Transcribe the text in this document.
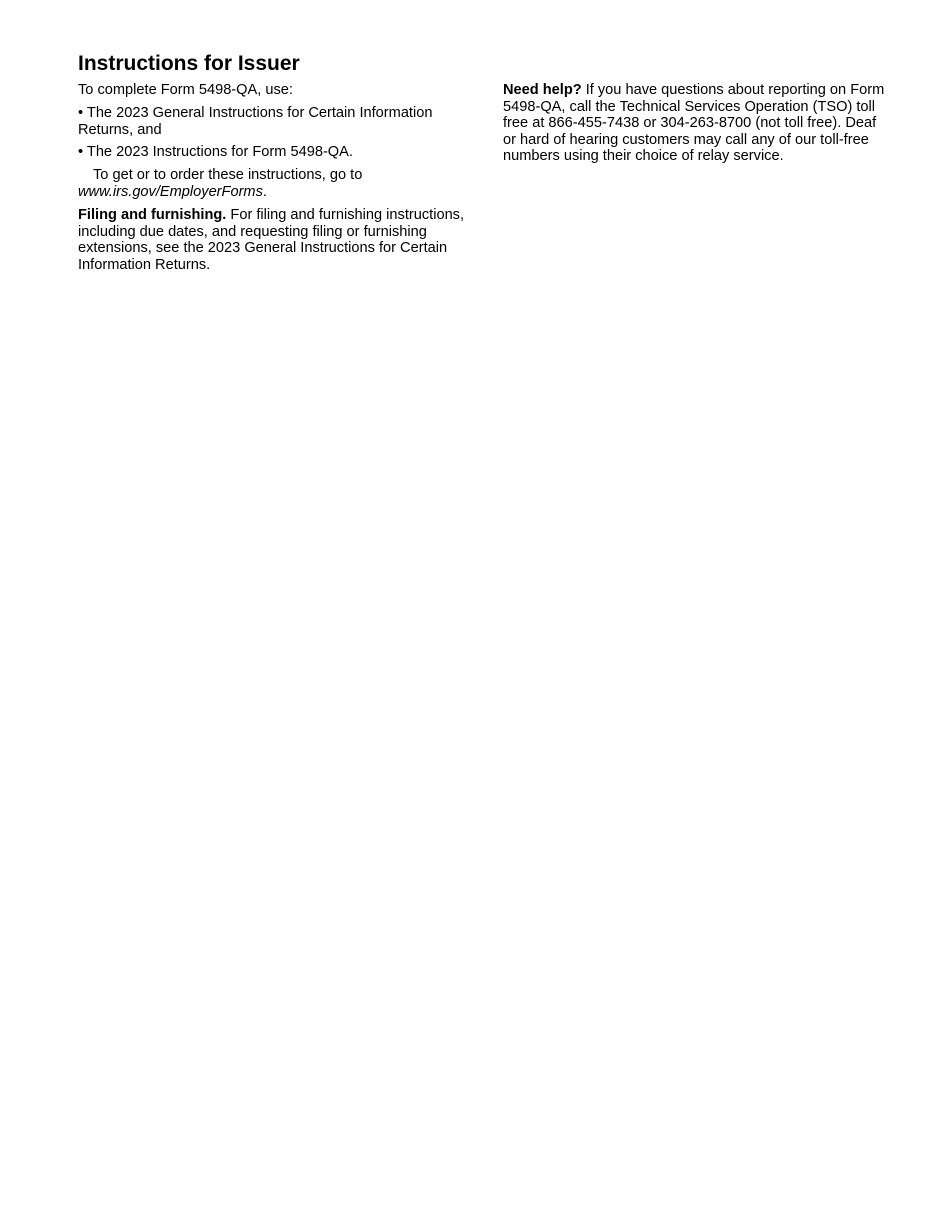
Instructions for Issuer

To complete Form 5498-QA, use:

• The 2023 General Instructions for Certain Information Returns, and

• The 2023 Instructions for Form 5498-QA.

To get or to order these instructions, go to
www.irs.gov/EmployerForms.

Filing and furnishing. For filing and furnishing instructions, including due dates, and requesting filing or furnishing extensions, see the 2023 General Instructions for Certain Information Returns.

Need help? If you have questions about reporting on Form 5498-QA, call the Technical Services Operation (TSO) toll free at 866-455-7438 or 304-263-8700 (not toll free). Deaf or hard of hearing customers may call any of our toll-free numbers using their choice of relay service.
